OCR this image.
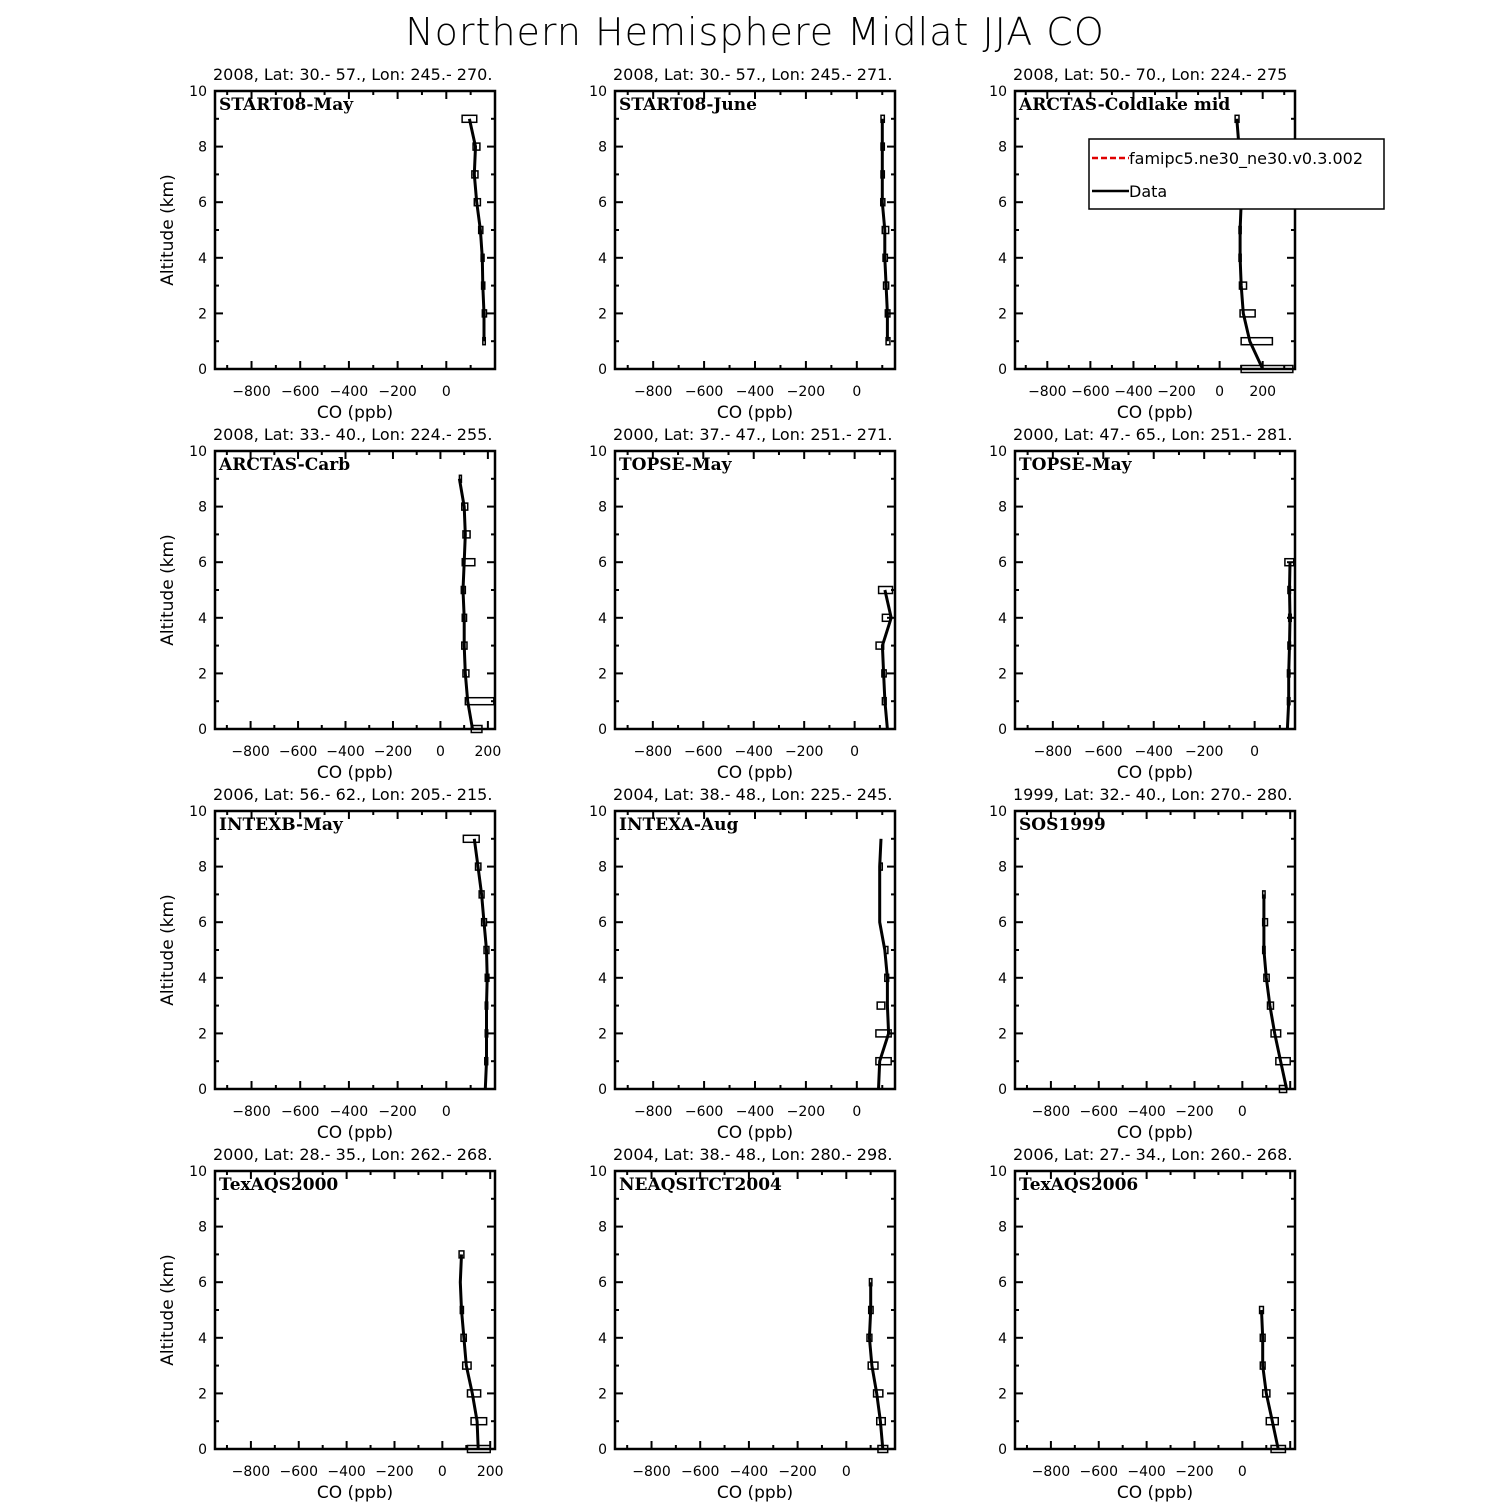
Northern Hemisphere Midlat JJA CO
2008, Lat: 30.- 57., Lon: 245.- 270.
0
2
4
6
8
10
−800 −600 −400 −200 0
CO (ppb)
Altitude (km)
START08-May
2008, Lat: 30.- 57., Lon: 245.- 271.
0
2
4
6
8
10
−800 −600 −400 −200 0
CO (ppb)
START08-June
2008, Lat: 50.- 70., Lon: 224.- 275
0
2
4
6
8
10
−800 −600 −400 −200 0 200
CO (ppb)
ARCTAS-Coldlake mid
famipc5.ne30_ne30.v0.3.002
Data
2008, Lat: 33.- 40., Lon: 224.- 255.
0
2
4
6
8
10
−800 −600 −400 −200 0 200
CO (ppb)
Altitude (km)
ARCTAS-Carb
2000, Lat: 37.- 47., Lon: 251.- 271.
0
2
4
6
8
10
−800 −600 −400 −200 0
CO (ppb)
TOPSE-May
2000, Lat: 47.- 65., Lon: 251.- 281.
0
2
4
6
8
10
−800 −600 −400 −200 0
CO (ppb)
TOPSE-May
2006, Lat: 56.- 62., Lon: 205.- 215.
0
2
4
6
8
10
−800 −600 −400 −200 0
CO (ppb)
Altitude (km)
INTEXB-May
2004, Lat: 38.- 48., Lon: 225.- 245.
0
2
4
6
8
10
−800 −600 −400 −200 0
CO (ppb)
INTEXA-Aug
1999, Lat: 32.- 40., Lon: 270.- 280.
0
2
4
6
8
10
−800 −600 −400 −200 0
CO (ppb)
SOS1999
2000, Lat: 28.- 35., Lon: 262.- 268.
0
2
4
6
8
10
−800 −600 −400 −200 0 200
CO (ppb)
Altitude (km)
TexAQS2000
2004, Lat: 38.- 48., Lon: 280.- 298.
0
2
4
6
8
10
−800 −600 −400 −200 0
CO (ppb)
NEAQSITCT2004
2006, Lat: 27.- 34., Lon: 260.- 268.
0
2
4
6
8
10
−800 −600 −400 −200 0
CO (ppb)
TexAQS2006
